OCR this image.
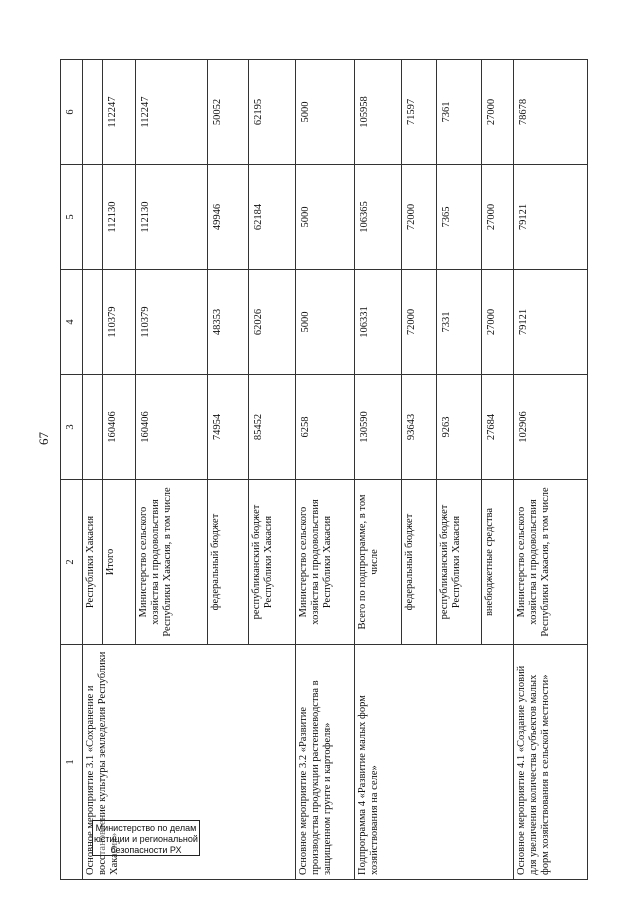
67
1	2	3	4	5	6
Основное мероприятие 3.1 «Сохранение и восстановление культуры земледелия Республики Хакасия»	Республики Хакасия				
	Итого	160406	110379	112130	112247
	Министерство сельского хозяйства и продовольствия Республики Хакасия, в том числе	160406	110379	112130	112247
	федеральный бюджет	74954	48353	49946	50052
	республиканский бюджет Республики Хакасия	85452	62026	62184	62195
Основное мероприятие 3.2 «Развитие производства продукции растениеводства в защищенном грунте и картофеля»	Министерство сельского хозяйства и продовольствия Республики Хакасия	6258	5000	5000	5000
Подпрограмма 4 «Развитие малых форм хозяйствования на селе»	Всего по подпрограмме, в том числе	130590	106331	106365	105958
	федеральный бюджет	93643	72000	72000	71597
	республиканский бюджет Республики Хакасия	9263	7331	7365	7361
	внебюджетные средства	27684	27000	27000	27000
Основное мероприятие 4.1 «Создание условий для увеличения количества субъектов малых форм хозяйствования в сельской местности»	Министерство сельского хозяйства и продовольствия Республики Хакасия, в том числе	102906	79121	79121	78678
Министерство по делам
юстиции и региональной
безопасности РХ
